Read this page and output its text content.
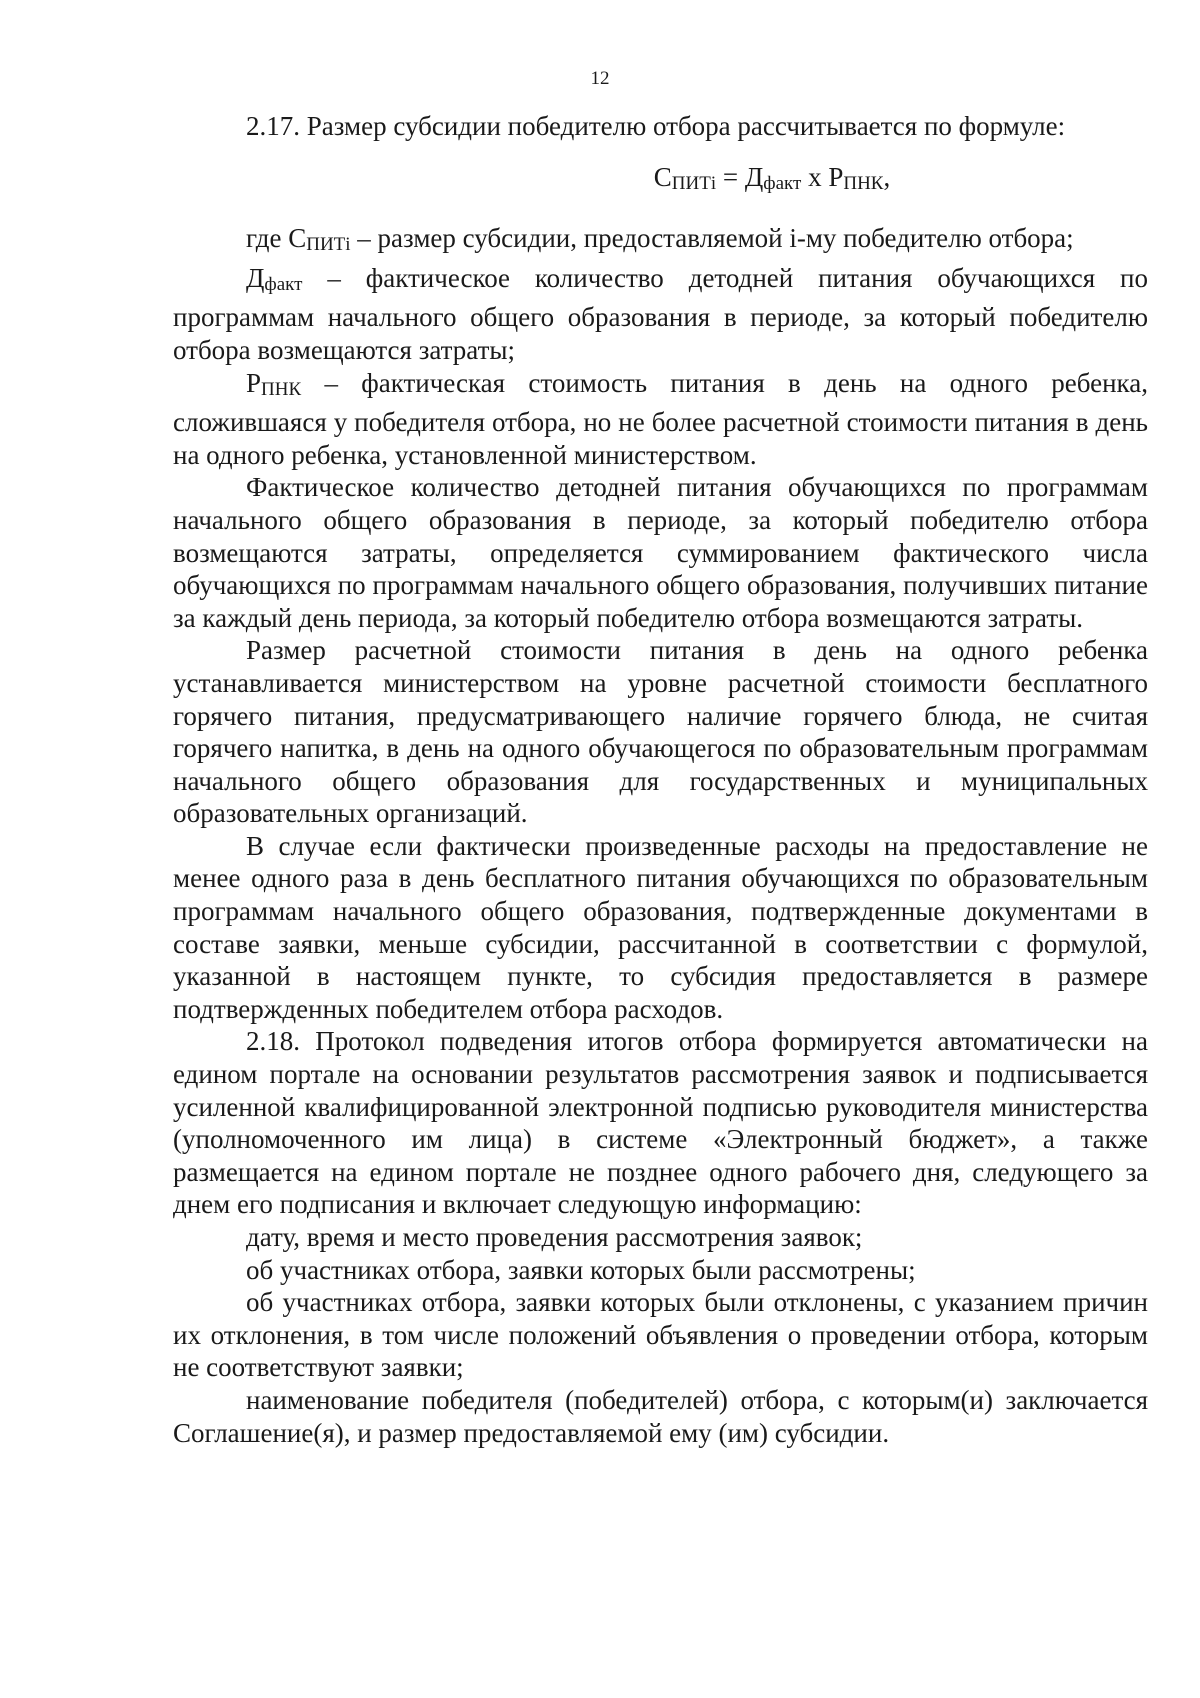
12

2.17. Размер субсидии победителю отбора рассчитывается по формуле:

СПИТi = Дфакт х РПНК,

где СПИТi – размер субсидии, предоставляемой i-му победителю отбора;

Дфакт – фактическое количество детодней питания обучающихся по программам начального общего образования в периоде, за который победителю отбора возмещаются затраты;

РПНК – фактическая стоимость питания в день на одного ребенка, сложившаяся у победителя отбора, но не более расчетной стоимости питания в день на одного ребенка, установленной министерством.

Фактическое количество детодней питания обучающихся по программам начального общего образования в периоде, за который победителю отбора возмещаются затраты, определяется суммированием фактического числа обучающихся по программам начального общего образования, получивших питание за каждый день периода, за который победителю отбора возмещаются затраты.

Размер расчетной стоимости питания в день на одного ребенка устанавливается министерством на уровне расчетной стоимости бесплатного горячего питания, предусматривающего наличие горячего блюда, не считая горячего напитка, в день на одного обучающегося по образовательным программам начального общего образования для государственных и муниципальных образовательных организаций.

В случае если фактически произведенные расходы на предоставление не менее одного раза в день бесплатного питания обучающихся по образовательным программам начального общего образования, подтвержденные документами в составе заявки, меньше субсидии, рассчитанной в соответствии с формулой, указанной в настоящем пункте, то субсидия предоставляется в размере подтвержденных победителем отбора расходов.

2.18. Протокол подведения итогов отбора формируется автоматически на едином портале на основании результатов рассмотрения заявок и подписывается усиленной квалифицированной электронной подписью руководителя министерства (уполномоченного им лица) в системе «Электронный бюджет», а также размещается на едином портале не позднее одного рабочего дня, следующего за днем его подписания и включает следующую информацию:

дату, время и место проведения рассмотрения заявок;

об участниках отбора, заявки которых были рассмотрены;

об участниках отбора, заявки которых были отклонены, с указанием причин их отклонения, в том числе положений объявления о проведении отбора, которым не соответствуют заявки;

наименование победителя (победителей) отбора, с которым(и) заключается Соглашение(я), и размер предоставляемой ему (им) субсидии.
